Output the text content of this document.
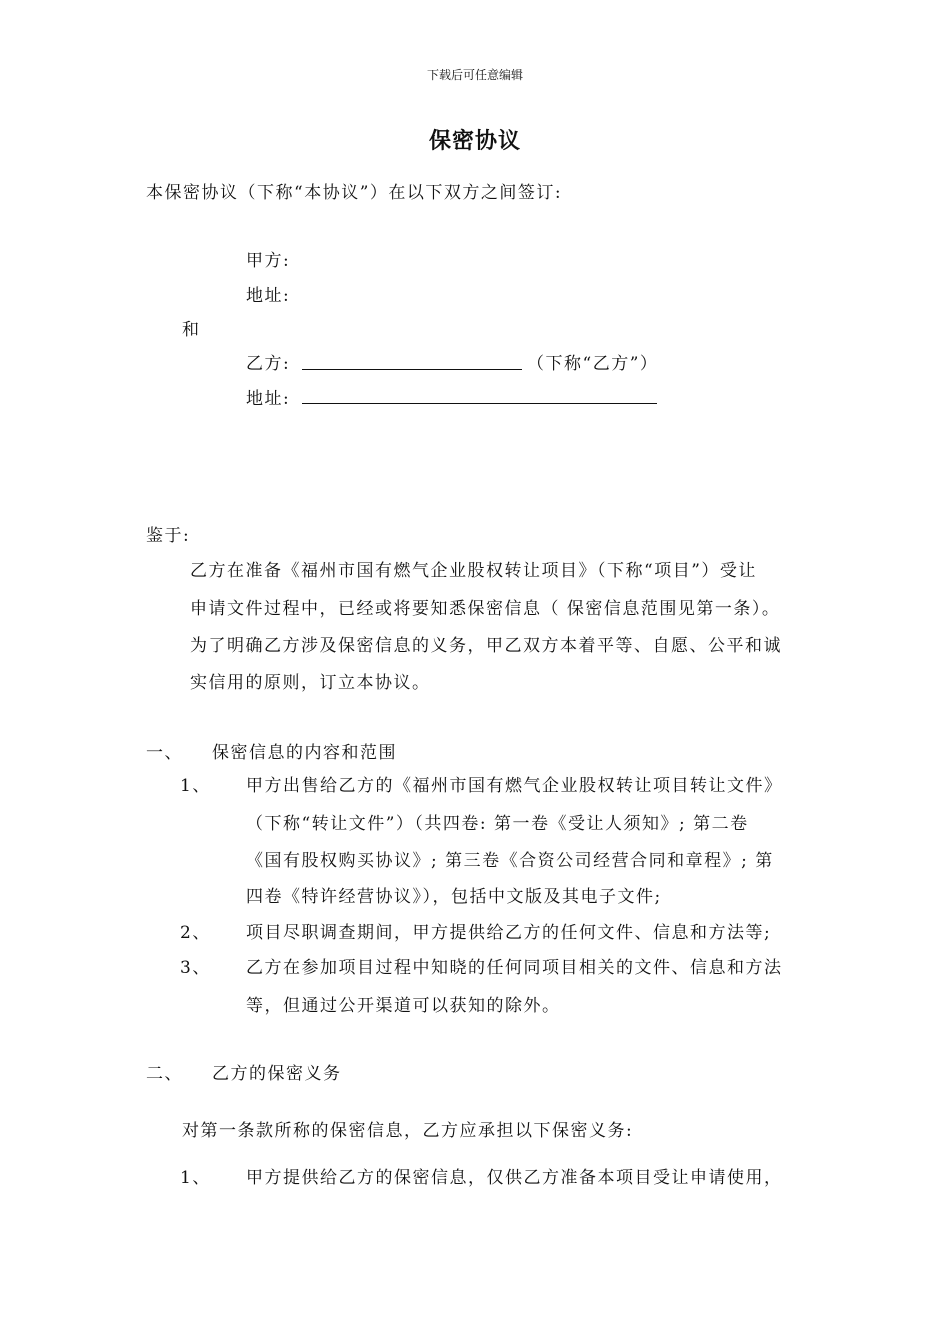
下载后可任意编辑
保密协议
本保密协议（下称“本协议”）在以下双方之间签订:
甲方:
地址:
和
乙方:	（下称“乙方”）
地址:
鉴于:
乙方在准备《福州市国有燃气企业股权转让项目》（下称“项目”）受让
申请文件过程中，已经或将要知悉保密信息（ 保密信息范围见第一条）。
为了明确乙方涉及保密信息的义务，甲乙双方本着平等、自愿、公平和诚
实信用的原则，订立本协议。
一、 保密信息的内容和范围
1、 甲方出售给乙方的《福州市国有燃气企业股权转让项目转让文件》
（下称“转让文件”）（共四卷: 第一卷《受让人须知》; 第二卷
《国有股权购买协议》; 第三卷《合资公司经营合同和章程》; 第
四卷《特许经营协议》），包括中文版及其电子文件;
2、 项目尽职调查期间，甲方提供给乙方的任何文件、信息和方法等;
3、 乙方在参加项目过程中知晓的任何同项目相关的文件、信息和方法
等，但通过公开渠道可以获知的除外。
二、 乙方的保密义务
对第一条款所称的保密信息，乙方应承担以下保密义务:
1、 甲方提供给乙方的保密信息，仅供乙方准备本项目受让申请使用，
